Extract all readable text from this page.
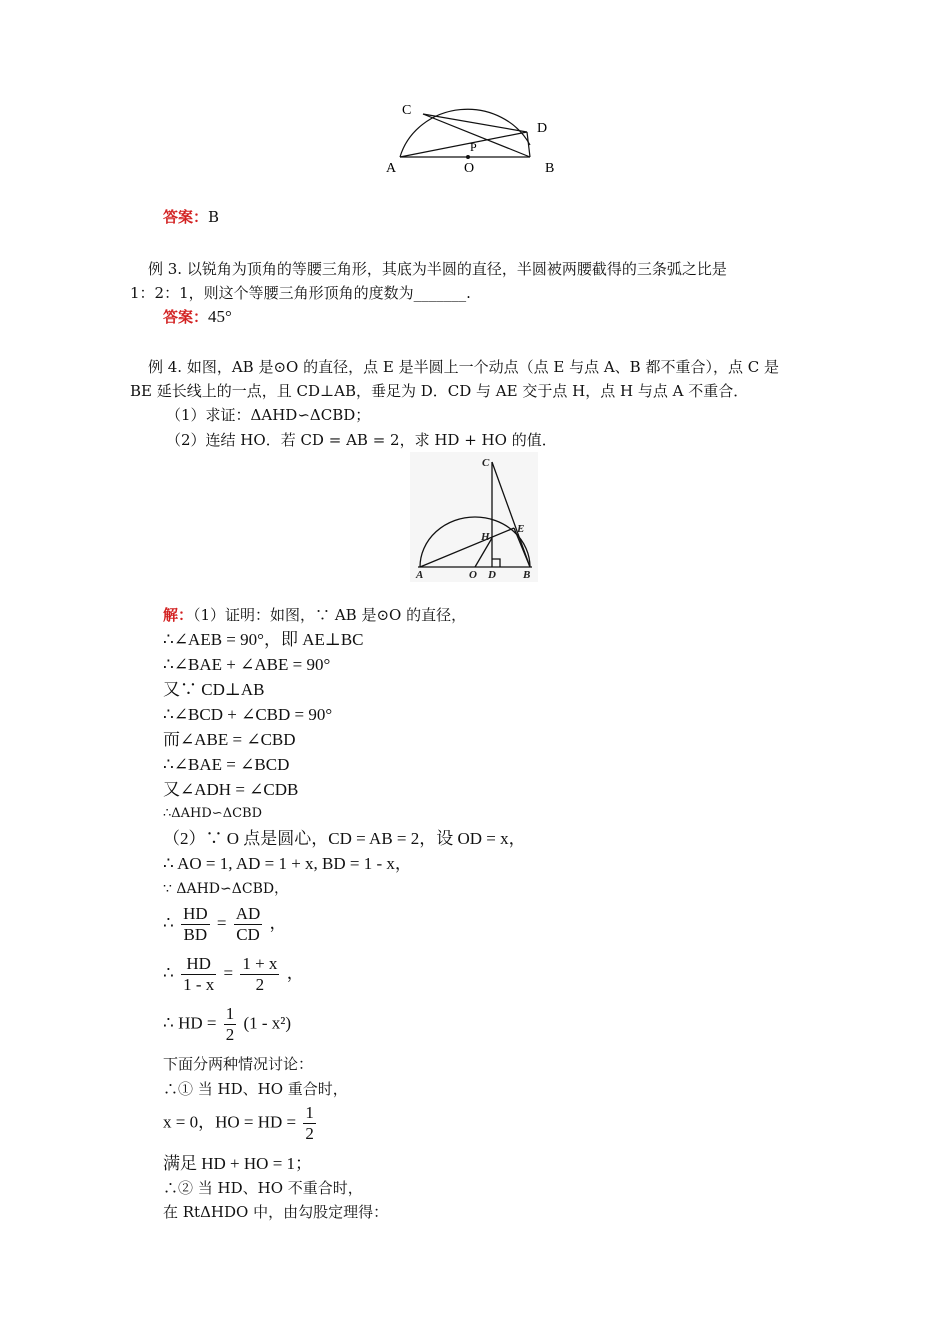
C
D
P
A	O	B
答案：B
例 3. 以锐角为顶角的等腰三角形，其底为半圆的直径，半圆被两腰截得的三条弧之比是
1：2：1，则这个等腰三角形顶角的度数为_______.
答案：45°
例 4. 如图，AB 是⊙O 的直径，点 E 是半圆上一个动点（点 E 与点 A、B 都不重合），点 C 是
BE 延长线上的一点，且 CD⊥AB，垂足为 D．CD 与 AE 交于点 H，点 H 与点 A 不重合．
（1）求证：ΔAHD∽ΔCBD；
（2）连结 HO．若 CD = AB = 2，求 HD + HO 的值．
C
E
H
A	O D B
解：（1）证明：如图，∵ AB 是⊙O 的直径，
∴∠AEB = 90°，即 AE⊥BC
∴∠BAE + ∠ABE = 90°
又∵ CD⊥AB
∴∠BCD + ∠CBD = 90°
而∠ABE = ∠CBD
∴∠BAE = ∠BCD
又∠ADH = ∠CDB
∴ΔAHD∽ΔCBD
（2）∵ O 点是圆心，CD = AB = 2，设 OD = x，
∴ AO = 1, AD = 1 + x, BD = 1 - x，
∵ ΔAHD∽ΔCBD，
∴ $\frac{HD}{BD} = \frac{AD}{CD}$ ，
∴ $\frac{HD}{1 - x} = \frac{1 + x}{2}$ ，
∴ HD = $\frac{1}{2} (1 - x^2)$
下面分两种情况讨论：
∴① 当 HD、HO 重合时，
x = 0，HO = HD = $\frac{1}{2}$
满足 HD + HO = 1；
∴② 当 HD、HO 不重合时，
在 RtΔHDO 中，由勾股定理得：
